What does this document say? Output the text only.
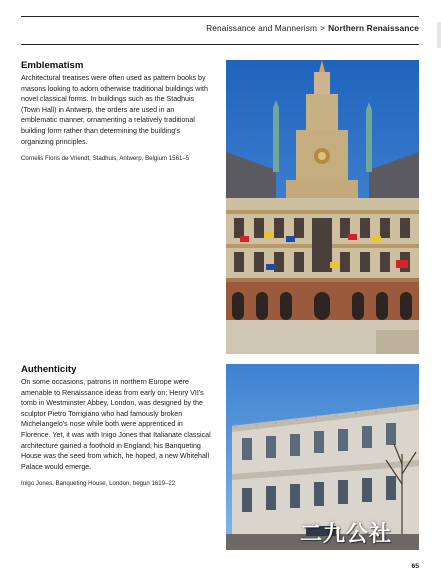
Renaissance and Mannerism > Northern Renaissance
Emblematism

Architectural treatises were often used as pattern books by masons looking to adorn otherwise traditional buildings with novel classical forms. In buildings such as the Stadhuis (Town Hall) in Antwerp, the orders are used in an emblematic manner, ornamenting a relatively traditional building form rather than determining the building's organizing principles.

Cornelis Floris de Vriendt, Stadhuis, Antwerp, Belgium 1561–5
Authenticity

On some occasions, patrons in northern Europe were amenable to Renaissance ideas from early on; Henry VII's tomb in Westminster Abbey, London, was designed by the sculptor Pietro Torrigiano who had famously broken Michelangelo's nose while both were apprenticed in Florence. Yet, it was with Inigo Jones that Italianate classical architecture gained a foothold in England; his Banqueting House was the seed from which, he hoped, a new Whitehall Palace would emerge.

Inigo Jones, Banqueting House, London, begun 1619–22
二九公社
65
